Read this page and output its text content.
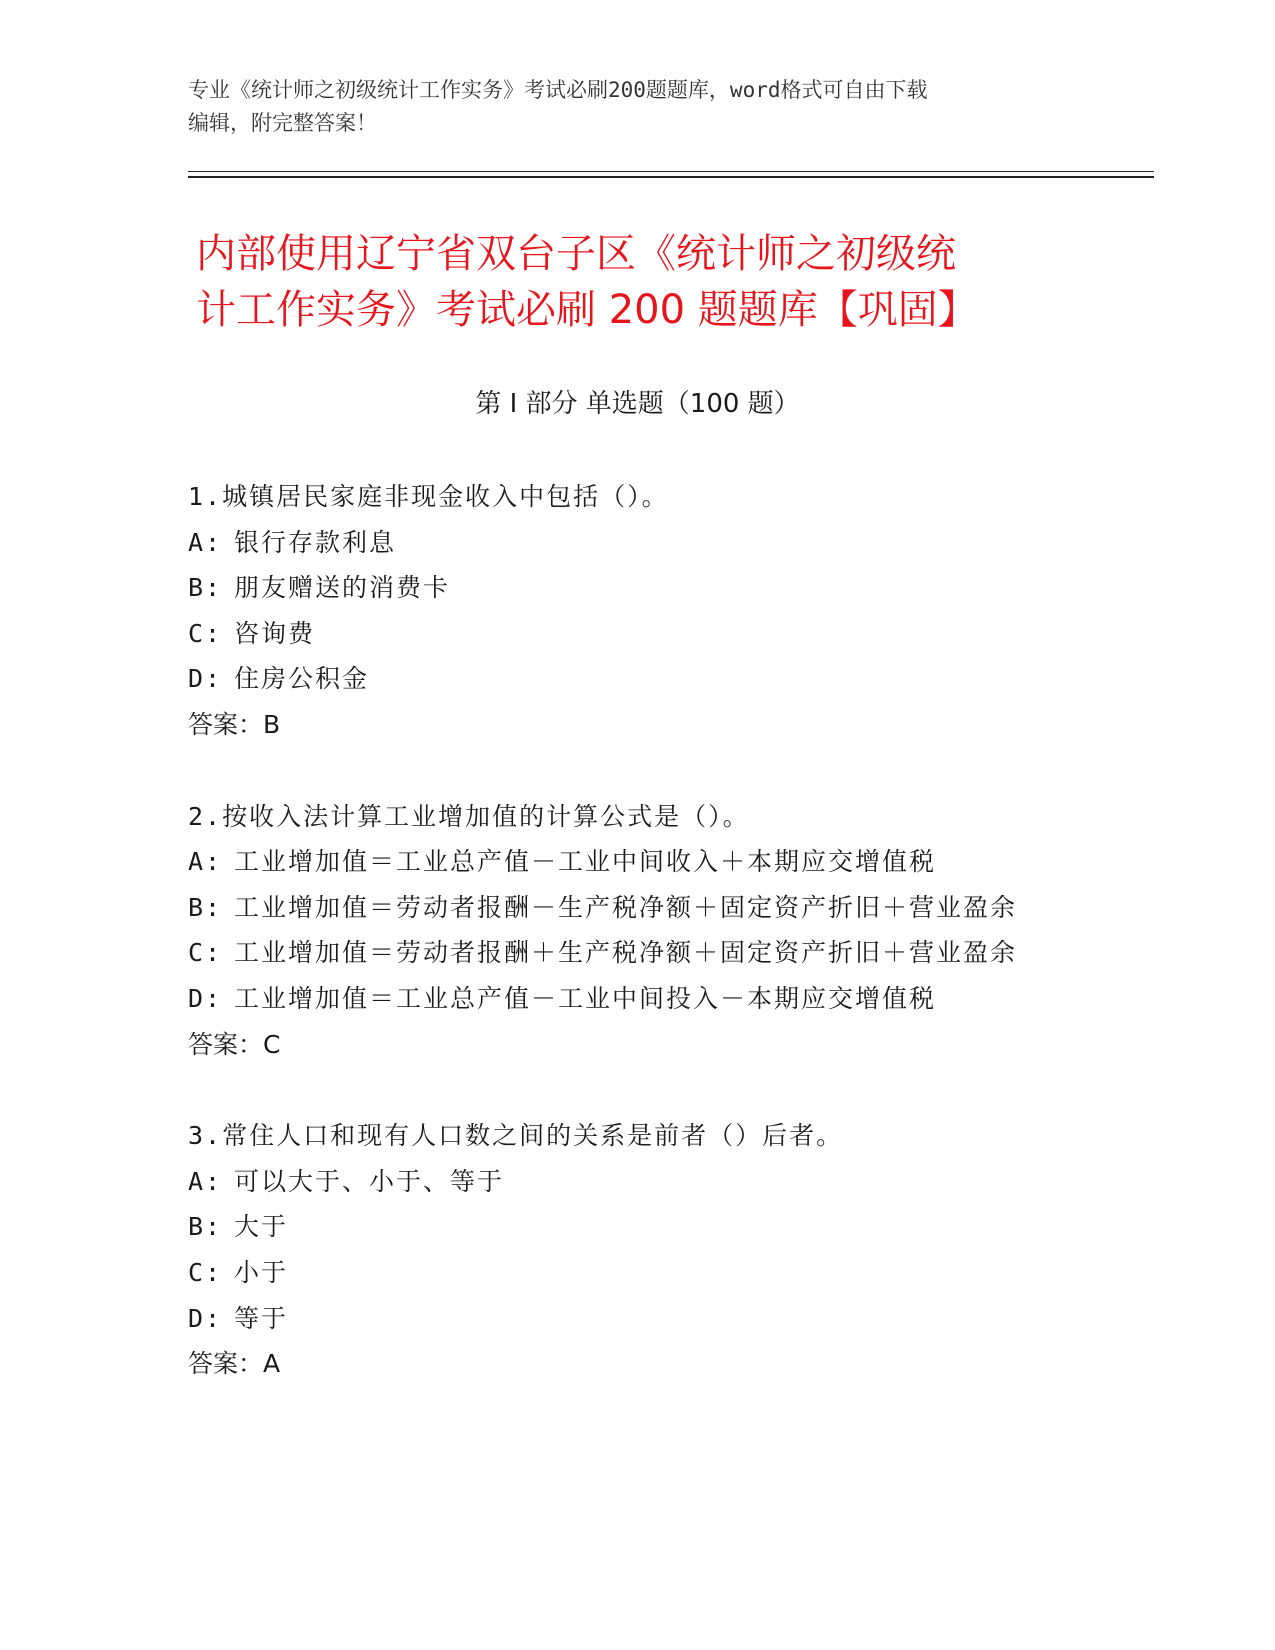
专业《统计师之初级统计工作实务》考试必刷200题题库，word格式可自由下载
编辑，附完整答案！
内部使用辽宁省双台子区《统计师之初级统
计工作实务》考试必刷 200 题题库【巩固】
第 I 部分 单选题（100 题）
1.城镇居民家庭非现金收入中包括（）。
A: 银行存款利息
B: 朋友赠送的消费卡
C: 咨询费
D: 住房公积金
答案：B
2.按收入法计算工业增加值的计算公式是（）。
A: 工业增加值＝工业总产值－工业中间收入＋本期应交增值税
B: 工业增加值＝劳动者报酬－生产税净额＋固定资产折旧＋营业盈余
C: 工业增加值＝劳动者报酬＋生产税净额＋固定资产折旧＋营业盈余
D: 工业增加值＝工业总产值－工业中间投入－本期应交增值税
答案：C
3.常住人口和现有人口数之间的关系是前者（）后者。
A: 可以大于、小于、等于
B: 大于
C: 小于
D: 等于
答案：A
